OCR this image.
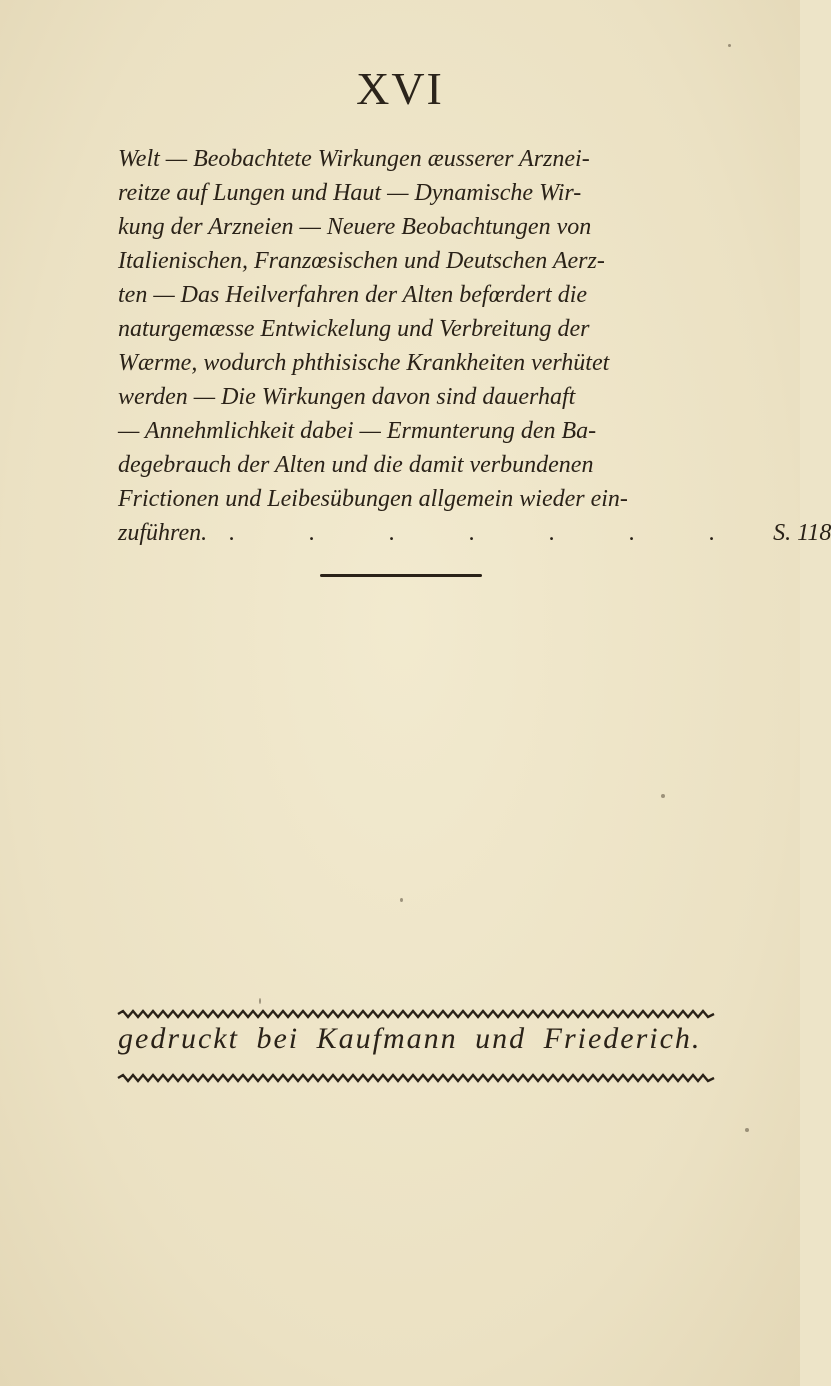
XVI
Welt — Beobachtete Wirkungen æusserer Arznei-
reitze auf Lungen und Haut — Dynamische Wir-
kung der Arzneien — Neuere Beobachtungen von
Italienischen, Franzœsischen und Deutschen Aerz-
ten — Das Heilverfahren der Alten befœrdert die
naturgemæsse Entwickelung und Verbreitung der
Wærme, wodurch phthisische Krankheiten verhütet
werden — Die Wirkungen davon sind dauerhaft
— Annehmlichkeit dabei — Ermunterung den Ba-
degebrauch der Alten und die damit verbundenen
Frictionen und Leibesübungen allgemein wieder ein-
zuführen. . . . . . . . S. 118
gedruckt bei Kaufmann und Friederich.
